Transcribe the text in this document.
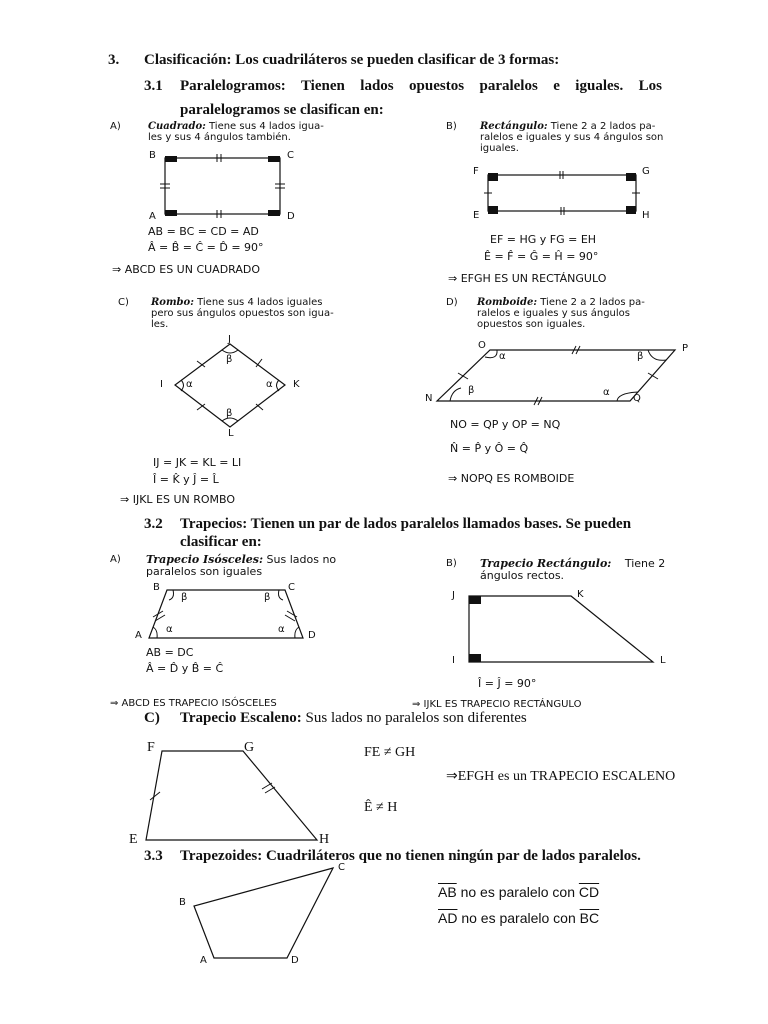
3. Clasificación: Los cuadriláteros se pueden clasificar de 3 formas:
3.1 Paralelogramos: Tienen lados opuestos paralelos e iguales. Los
paralelogramos se clasifican en:
A)	Cuadrado: Tiene sus 4 lados igua-
les y sus 4 ángulos también.
B	C
A	D
AB = BC = CD = AD
Â = B̂ = Ĉ = D̂ = 90°
⇒ ABCD ES UN CUADRADO
B) Rectángulo: Tiene 2 a 2 lados pa-
ralelos e iguales y sus 4 ángulos son
iguales.
F	G
E	H
EF = HG y FG = EH
Ê = F̂ = Ĝ = Ĥ = 90°
⇒ EFGH ES UN RECTÁNGULO
C) Rombo: Tiene sus 4 lados iguales
pero sus ángulos opuestos son igua-
les.
J
I	K
L
β
α	α
β
IJ = JK = KL = LI
Î = K̂ y Ĵ = L̂
⇒ IJKL ES UN ROMBO
D) Romboide: Tiene 2 a 2 lados pa-
ralelos e iguales y sus ángulos
opuestos son iguales.
O	P
N	Q
α	β
β	α
NO = QP y OP = NQ
N̂ = P̂ y Ô = Q̂
⇒ NOPQ ES ROMBOIDE
3.2 Trapecios: Tienen un par de lados paralelos llamados bases. Se pueden
clasificar en:
A) Trapecio Isósceles: Sus lados no
paralelos son iguales
B	C
A	D
β	β
α	α
AB = DC
Â = D̂ y B̂ = Ĉ
⇒ ABCD ES TRAPECIO ISÓSCELES
B) Trapecio Rectángulo: Tiene 2
ángulos rectos.
J	K
I	L
Î = Ĵ = 90°
⇒ IJKL ES TRAPECIO RECTÁNGULO
C) Trapecio Escaleno: Sus lados no paralelos son diferentes
F	G
E	H
FE ≠ GH
⇒EFGH es un TRAPECIO ESCALENO
Ê ≠ H
3.3 Trapezoides: Cuadriláteros que no tienen ningún par de lados paralelos.
C
B
A	D
$\overline{AB}$ no es paralelo con $\overline{CD}$
$\overline{AD}$ no es paralelo con $\overline{BC}$
